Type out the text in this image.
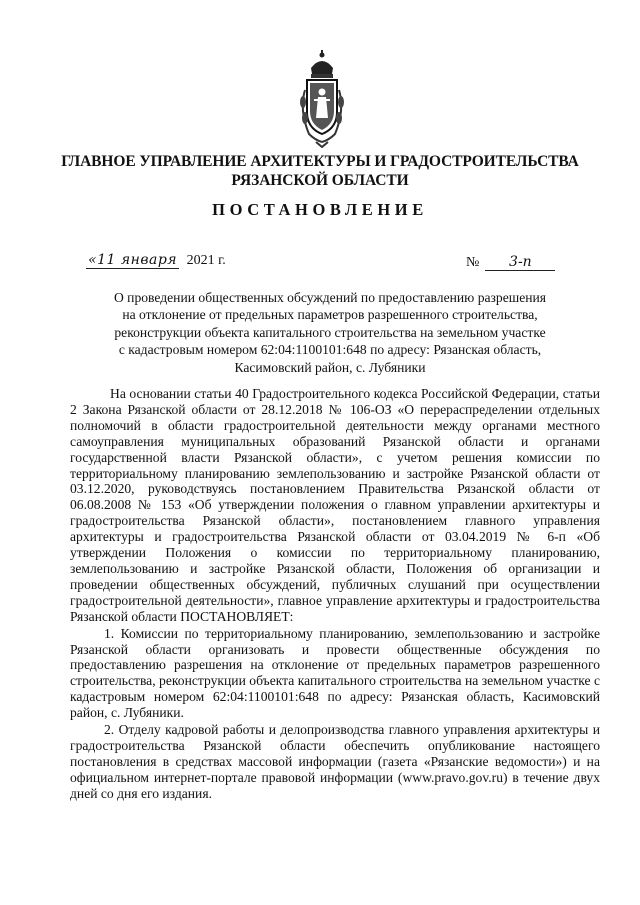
ГЛАВНОЕ УПРАВЛЕНИЕ АРХИТЕКТУРЫ И ГРАДОСТРОИТЕЛЬСТВА
РЯЗАНСКОЙ ОБЛАСТИ
ПОСТАНОВЛЕНИЕ
«11 января 2021 г.	№ 3-п
О проведении общественных обсуждений по предоставлению разрешения
на отклонение от предельных параметров разрешенного строительства,
реконструкции объекта капитального строительства на земельном участке
с кадастровым номером 62:04:1100101:648 по адресу: Рязанская область,
Касимовский район, с. Лубяники

На основании статьи 40 Градостроительного кодекса Российской Федерации, статьи 2 Закона Рязанской области от 28.12.2018 № 106-ОЗ «О перераспределении отдельных полномочий в области градостроительной деятельности между органами местного самоуправления муниципальных образований Рязанской области и органами государственной власти Рязанской области», с учетом решения комиссии по территориальному планированию землепользованию и застройке Рязанской области от 03.12.2020, руководствуясь постановлением Правительства Рязанской области от 06.08.2008 № 153 «Об утверждении положения о главном управлении архитектуры и градостроительства Рязанской области», постановлением главного управления архитектуры и градостроительства Рязанской области от 03.04.2019 № 6-п «Об утверждении Положения о комиссии по территориальному планированию, землепользованию и застройке Рязанской области, Положения об организации и проведении общественных обсуждений, публичных слушаний при осуществлении градостроительной деятельности», главное управление архитектуры и градостроительства Рязанской области ПОСТАНОВЛЯЕТ:

1. Комиссии по территориальному планированию, землепользованию и застройке Рязанской области организовать и провести общественные обсуждения по предоставлению разрешения на отклонение от предельных параметров разрешенного строительства, реконструкции объекта капитального строительства на земельном участке с кадастровым номером 62:04:1100101:648 по адресу: Рязанская область, Касимовский район, с. Лубяники.

2. Отделу кадровой работы и делопроизводства главного управления архитектуры и градостроительства Рязанской области обеспечить опубликование настоящего постановления в средствах массовой информации (газета «Рязанские ведомости») и на официальном интернет-портале правовой информации (www.pravo.gov.ru) в течение двух дней со дня его издания.
